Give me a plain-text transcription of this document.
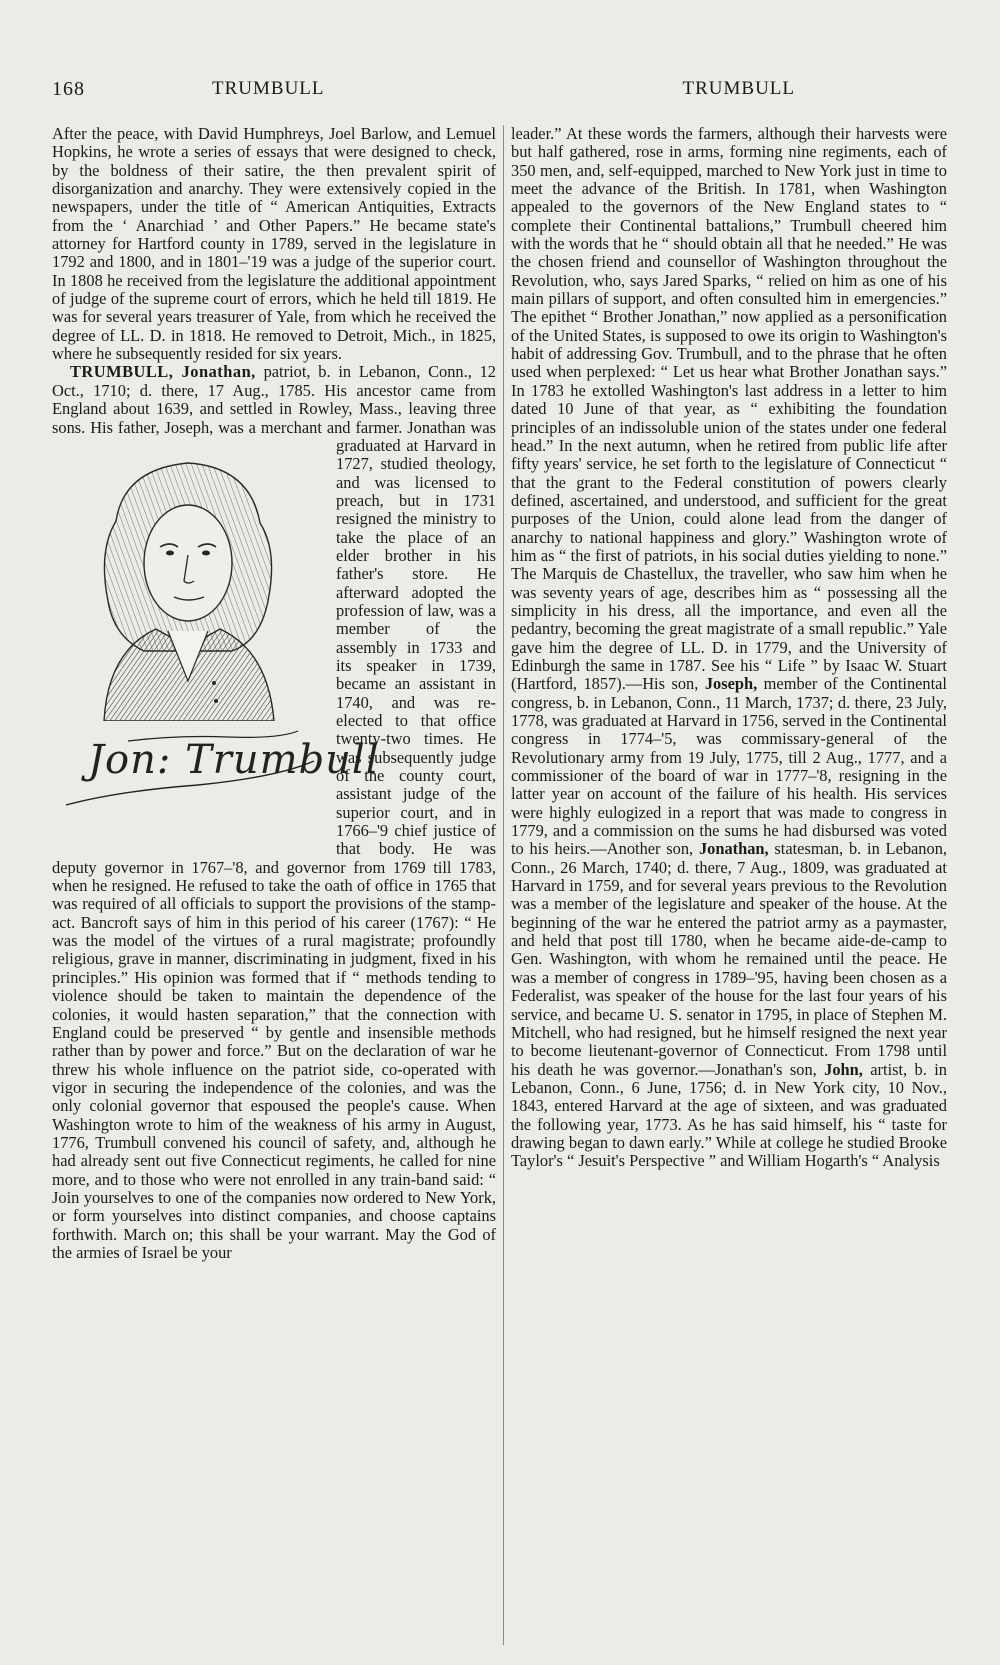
168	TRUMBULL	TRUMBULL

After the peace, with David Humphreys, Joel Barlow, and Lemuel Hopkins, he wrote a series of essays that were designed to check, by the boldness of their satire, the then prevalent spirit of disorganization and anarchy. They were extensively copied in the newspapers, under the title of “ American Antiquities, Extracts from the ‘ Anarchiad ’ and Other Papers.” He became state's attorney for Hartford county in 1789, served in the legislature in 1792 and 1800, and in 1801–'19 was a judge of the superior court. In 1808 he received from the legislature the additional appointment of judge of the supreme court of errors, which he held till 1819. He was for several years treasurer of Yale, from which he received the degree of LL. D. in 1818. He removed to Detroit, Mich., in 1825, where he subsequently resided for six years.

TRUMBULL, Jonathan, patriot, b. in Lebanon, Conn., 12 Oct., 1710; d. there, 17 Aug., 1785. His ancestor came from England about 1639, and settled in Rowley, Mass., leaving three sons. His father, Joseph, was a merchant and farmer.
Jon: Trumbull
Jonathan was graduated at Harvard in 1727, studied theology, and was licensed to preach, but in 1731 resigned the ministry to take the place of an elder brother in his father's store. He afterward adopted the profession of law, was a member of the assembly in 1733 and its speaker in 1739, became an assistant in 1740, and was re-elected to that office twenty-two times. He was subsequently judge of the county court, assistant judge of the superior court, and in 1766–'9 chief justice of that body. He was deputy governor in 1767–'8, and governor from 1769 till 1783, when he resigned. He refused to take the oath of office in 1765 that was required of all officials to support the provisions of the stamp-act. Bancroft says of him in this period of his career (1767): “ He was the model of the virtues of a rural magistrate; profoundly religious, grave in manner, discriminating in judgment, fixed in his principles.” His opinion was formed that if “ methods tending to violence should be taken to maintain the dependence of the colonies, it would hasten separation,” that the connection with England could be preserved “ by gentle and insensible methods rather than by power and force.” But on the declaration of war he threw his whole influence on the patriot side, co-operated with vigor in securing the independence of the colonies, and was the only colonial governor that espoused the people's cause. When Washington wrote to him of the weakness of his army in August, 1776, Trumbull convened his council of safety, and, although he had already sent out five Connecticut regiments, he called for nine more, and to those who were not enrolled in any train-band said: “ Join yourselves to one of the companies now ordered to New York, or form yourselves into distinct companies, and choose captains forthwith. March on; this shall be your warrant. May the God of the armies of Israel be your

leader.” At these words the farmers, although their harvests were but half gathered, rose in arms, forming nine regiments, each of 350 men, and, self-equipped, marched to New York just in time to meet the advance of the British. In 1781, when Washington appealed to the governors of the New England states to “ complete their Continental battalions,” Trumbull cheered him with the words that he “ should obtain all that he needed.” He was the chosen friend and counsellor of Washington throughout the Revolution, who, says Jared Sparks, “ relied on him as one of his main pillars of support, and often consulted him in emergencies.” The epithet “ Brother Jonathan,” now applied as a personification of the United States, is supposed to owe its origin to Washington's habit of addressing Gov. Trumbull, and to the phrase that he often used when perplexed: “ Let us hear what Brother Jonathan says.” In 1783 he extolled Washington's last address in a letter to him dated 10 June of that year, as “ exhibiting the foundation principles of an indissoluble union of the states under one federal head.” In the next autumn, when he retired from public life after fifty years' service, he set forth to the legislature of Connecticut “ that the grant to the Federal constitution of powers clearly defined, ascertained, and understood, and sufficient for the great purposes of the Union, could alone lead from the danger of anarchy to national happiness and glory.” Washington wrote of him as “ the first of patriots, in his social duties yielding to none.” The Marquis de Chastellux, the traveller, who saw him when he was seventy years of age, describes him as “ possessing all the simplicity in his dress, all the importance, and even all the pedantry, becoming the great magistrate of a small republic.” Yale gave him the degree of LL. D. in 1779, and the University of Edinburgh the same in 1787. See his “ Life ” by Isaac W. Stuart (Hartford, 1857).—His son, Joseph, member of the Continental congress, b. in Lebanon, Conn., 11 March, 1737; d. there, 23 July, 1778, was graduated at Harvard in 1756, served in the Continental congress in 1774–'5, was commissary-general of the Revolutionary army from 19 July, 1775, till 2 Aug., 1777, and a commissioner of the board of war in 1777–'8, resigning in the latter year on account of the failure of his health. His services were highly eulogized in a report that was made to congress in 1779, and a commission on the sums he had disbursed was voted to his heirs.—Another son, Jonathan, statesman, b. in Lebanon, Conn., 26 March, 1740; d. there, 7 Aug., 1809, was graduated at Harvard in 1759, and for several years previous to the Revolution was a member of the legislature and speaker of the house. At the beginning of the war he entered the patriot army as a paymaster, and held that post till 1780, when he became aide-de-camp to Gen. Washington, with whom he remained until the peace. He was a member of congress in 1789–'95, having been chosen as a Federalist, was speaker of the house for the last four years of his service, and became U. S. senator in 1795, in place of Stephen M. Mitchell, who had resigned, but he himself resigned the next year to become lieutenant-governor of Connecticut. From 1798 until his death he was governor.—Jonathan's son, John, artist, b. in Lebanon, Conn., 6 June, 1756; d. in New York city, 10 Nov., 1843, entered Harvard at the age of sixteen, and was graduated the following year, 1773. As he has said himself, his “ taste for drawing began to dawn early.” While at college he studied Brooke Taylor's “ Jesuit's Perspective ” and William Hogarth's “ Analysis
